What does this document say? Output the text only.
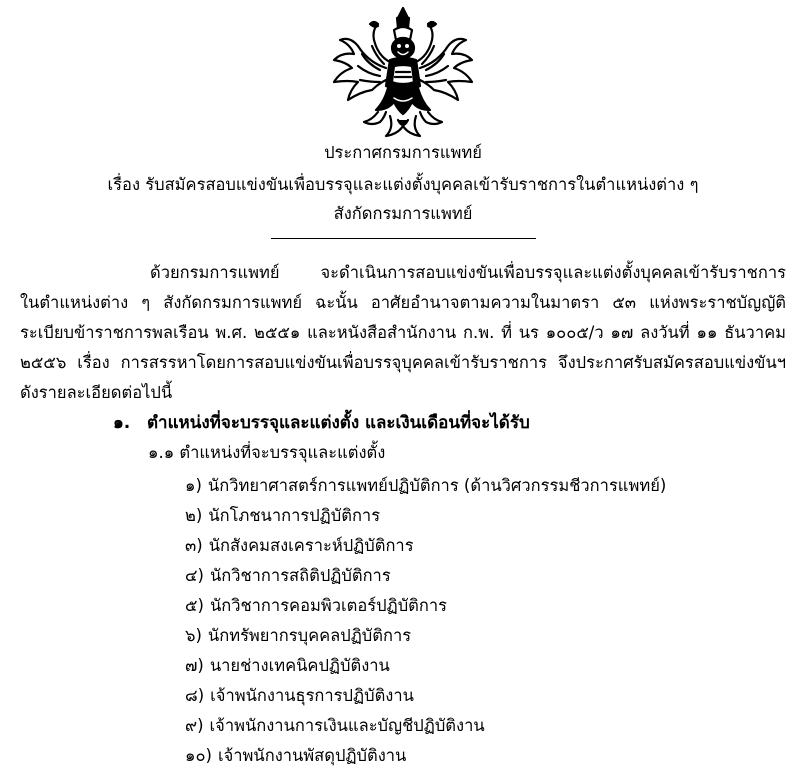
ประกาศกรมการแพทย์
เรื่อง รับสมัครสอบแข่งขันเพื่อบรรจุและแต่งตั้งบุคคลเข้ารับราชการในตำแหน่งต่าง ๆ
สังกัดกรมการแพทย์
ด้วยกรมการแพทย์ จะดำเนินการสอบแข่งขันเพื่อบรรจุและแต่งตั้งบุคคลเข้ารับราชการ
ในตำแหน่งต่าง ๆ สังกัดกรมการแพทย์ ฉะนั้น อาศัยอำนาจตามความในมาตรา ๕๓ แห่งพระราชบัญญัติ
ระเบียบข้าราชการพลเรือน พ.ศ. ๒๕๕๑ และหนังสือสำนักงาน ก.พ. ที่ นร ๑๐๐๕/ว ๑๗ ลงวันที่ ๑๑ ธันวาคม
๒๕๕๖ เรื่อง การสรรหาโดยการสอบแข่งขันเพื่อบรรจุบุคคลเข้ารับราชการ จึงประกาศรับสมัครสอบแข่งขันฯ
ดังรายละเอียดต่อไปนี้
๑. ตำแหน่งที่จะบรรจุและแต่งตั้ง และเงินเดือนที่จะได้รับ
๑.๑ ตำแหน่งที่จะบรรจุและแต่งตั้ง
๑) นักวิทยาศาสตร์การแพทย์ปฏิบัติการ (ด้านวิศวกรรมชีวการแพทย์)
๒) นักโภชนาการปฏิบัติการ
๓) นักสังคมสงเคราะห์ปฏิบัติการ
๔) นักวิชาการสถิติปฏิบัติการ
๕) นักวิชาการคอมพิวเตอร์ปฏิบัติการ
๖) นักทรัพยากรบุคคลปฏิบัติการ
๗) นายช่างเทคนิคปฏิบัติงาน
๘) เจ้าพนักงานธุรการปฏิบัติงาน
๙) เจ้าพนักงานการเงินและบัญชีปฏิบัติงาน
๑๐) เจ้าพนักงานพัสดุปฏิบัติงาน
